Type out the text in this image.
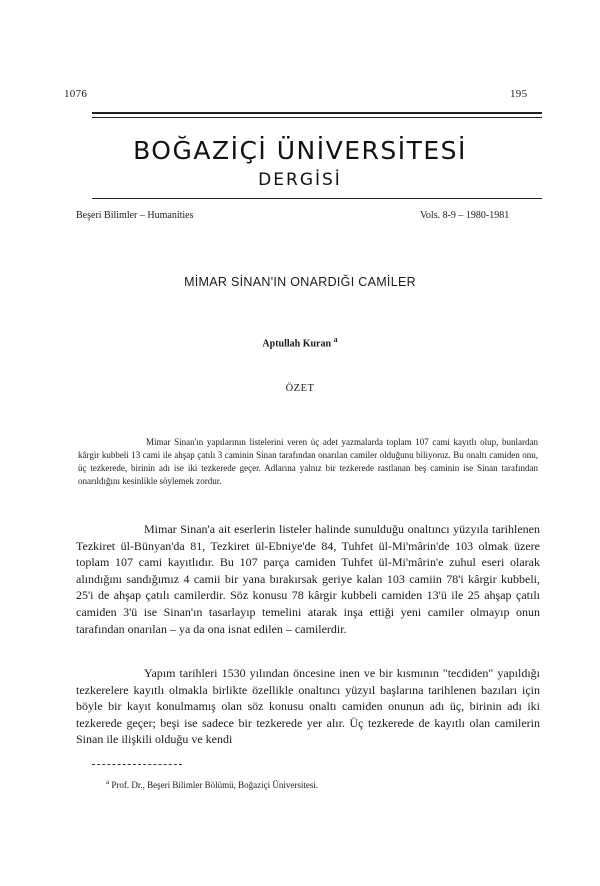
1076	195
BOĞAZİÇİ ÜNİVERSİTESİ
DERGİSİ
Beşeri Bilimler – Humanities	Vols. 8-9 – 1980-1981
MİMAR SİNAN'IN ONARDIĞI CAMİLER
Aptullah Kuran $^a$
ÖZET

Mimar Sinan'ın yapılarının listelerini veren üç adet yazmalarda toplam 107 cami kayıtlı olup, bunlardan kârgir kubbeli 13 cami ile ahşap çatılı 3 caminin Sinan tarafından onarılan camiler olduğunu biliyoruz. Bu onaltı camiden onu, üç tezkerede, birinin adı ise iki tezkerede geçer. Adlarına yalnız bir tezkerede rastlanan beş caminin ise Sinan tarafından onarıldığını kesinlikle söylemek zordur.

Mimar Sinan'a ait eserlerin listeler halinde sunulduğu onaltıncı yüzyıla tarihlenen Tezkiret ül-Bünyan'da 81, Tezkiret ül-Ebniye'de 84, Tuhfet ül-Mi'mârin'de 103 olmak üzere toplam 107 cami kayıtlıdır. Bu 107 parça camiden Tuhfet ül-Mi'mârin'e zuhul eseri olarak alındığını sandığımız 4 camii bir yana bırakırsak geriye kalan 103 camiin 78'i kârgir kubbeli, 25'i de ahşap çatılı camilerdir. Söz konusu 78 kârgir kubbeli camiden 13'ü ile 25 ahşap çatılı camiden 3'ü ise Sinan'ın tasarlayıp temelini atarak inşa ettiği yeni camiler olmayıp onun tarafından onarılan – ya da ona isnat edilen – camilerdir.

Yapım tarihleri 1530 yılından öncesine inen ve bir kısmının "tecdiden" yapıldığı tezkerelere kayıtlı olmakla birlikte özellikle onaltıncı yüzyıl başlarına tarihlenen bazıları için böyle bir kayıt konulmamış olan söz konusu onaltı camiden onunun adı üç, birinin adı iki tezkerede geçer; beşi ise sadece bir tezkerede yer alır. Üç tezkerede de kayıtlı olan camilerin Sinan ile ilişkili olduğu ve kendi

$^a$ Prof. Dr., Beşeri Bilimler Bölümü, Boğaziçi Üniversitesi.
